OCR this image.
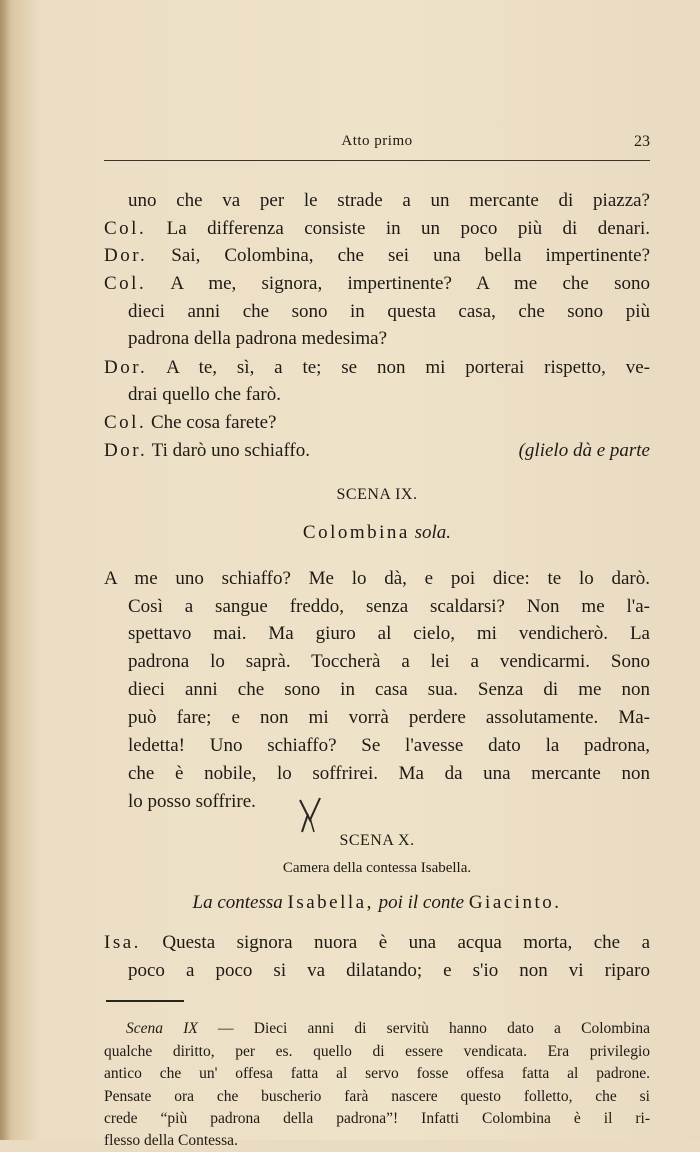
Atto primo	23
uno che va per le strade a un mercante di piazza?
Col. La differenza consiste in un poco più di denari.
Dor. Sai, Colombina, che sei una bella impertinente?
Col. A me, signora, impertinente? A me che sono
dieci anni che sono in questa casa, che sono più
padrona della padrona medesima?
Dor. A te, sì, a te; se non mi porterai rispetto, ve-
drai quello che farò.
Col. Che cosa farete?
Dor. Ti darò uno schiaffo.	(glielo dà e parte
SCENA IX.
Colombina sola.
A me uno schiaffo? Me lo dà, e poi dice: te lo darò.
Così a sangue freddo, senza scaldarsi? Non me l'a-
spettavo mai. Ma giuro al cielo, mi vendicherò. La
padrona lo saprà. Toccherà a lei a vendicarmi. Sono
dieci anni che sono in casa sua. Senza di me non
può fare; e non mi vorrà perdere assolutamente. Ma-
ledetta! Uno schiaffo? Se l'avesse dato la padrona,
che è nobile, lo soffrirei. Ma da una mercante non
lo posso soffrire.
SCENA X.
Camera della contessa Isabella.
La contessa Isabella, poi il conte Giacinto.
Isa. Questa signora nuora è una acqua morta, che a
poco a poco si va dilatando; e s'io non vi riparo
Scena IX — Dieci anni di servitù hanno dato a Colombina
qualche diritto, per es. quello di essere vendicata. Era privilegio
antico che un' offesa fatta al servo fosse offesa fatta al padrone.
Pensate ora che buscherio farà nascere questo folletto, che si
crede “più padrona della padrona”! Infatti Colombina è il ri-
flesso della Contessa.
